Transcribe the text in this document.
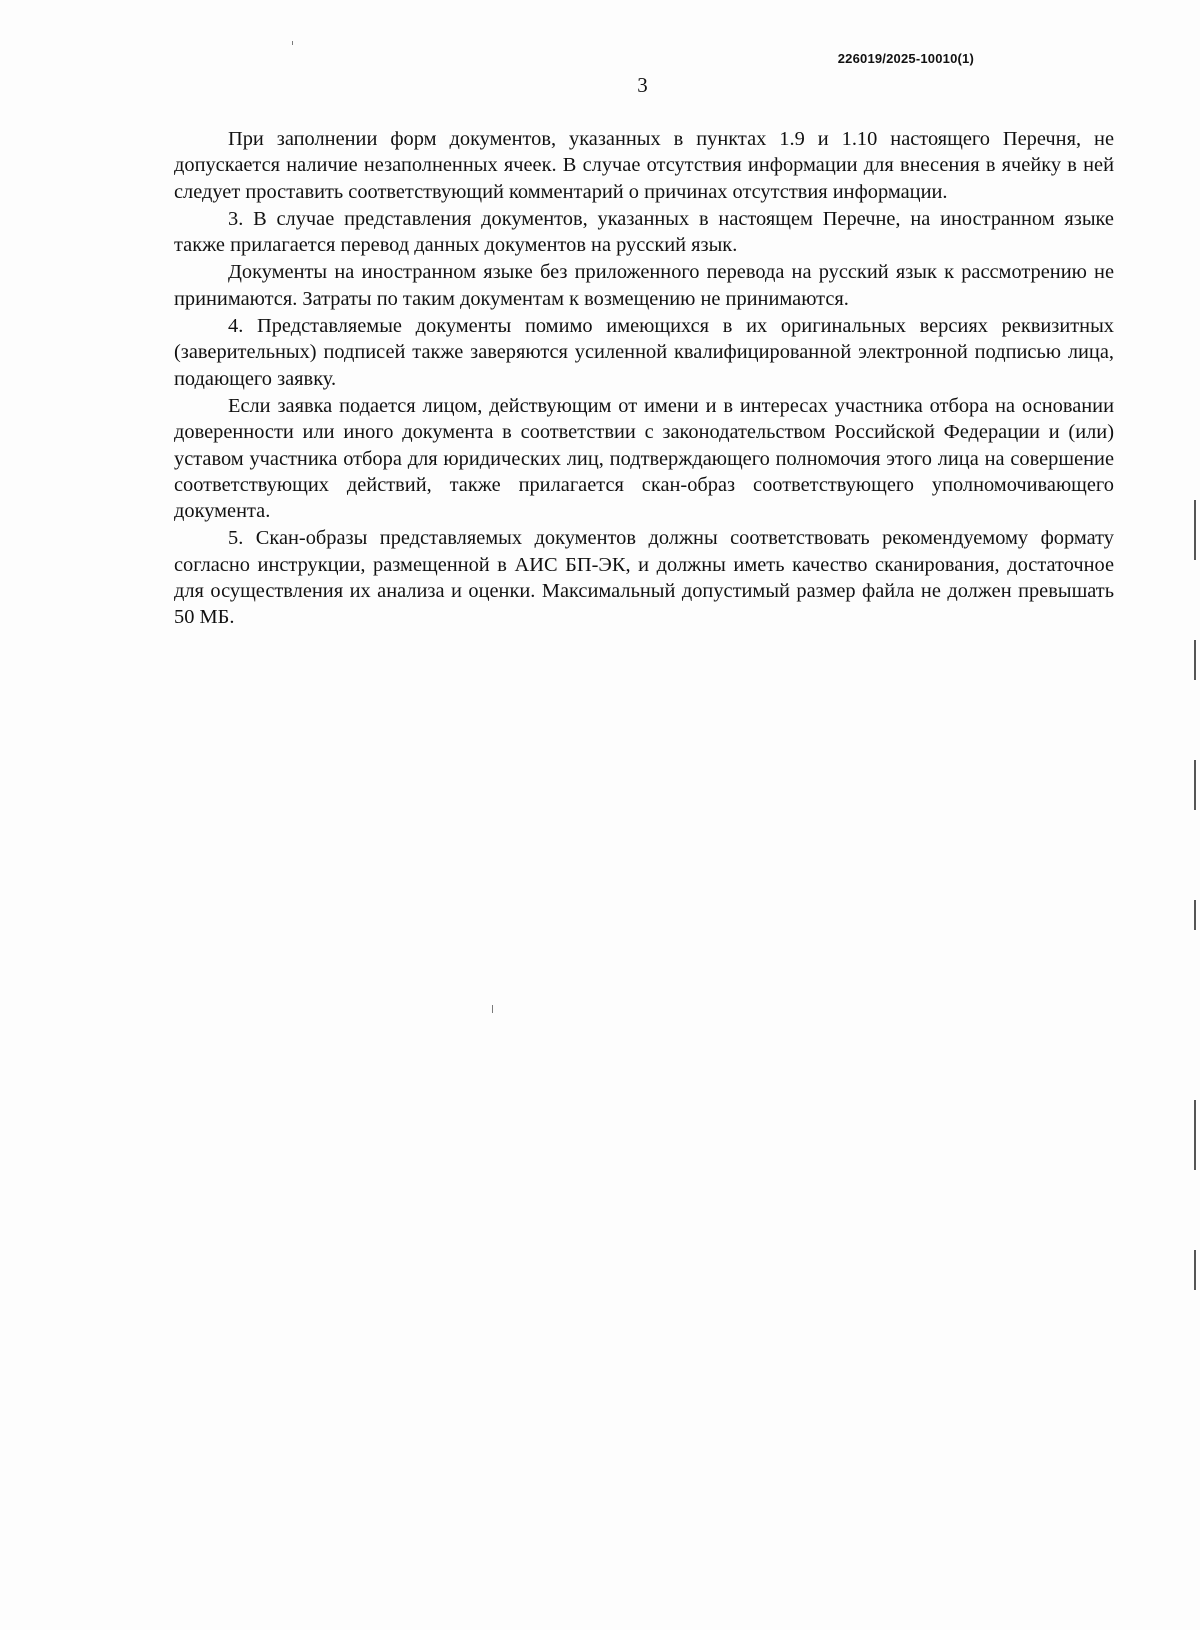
226019/2025-10010(1)
3

При заполнении форм документов, указанных в пунктах 1.9 и 1.10 настоящего Перечня, не допускается наличие незаполненных ячеек. В случае отсутствия информации для внесения в ячейку в ней следует проставить соответствующий комментарий о причинах отсутствия информации.

3. В случае представления документов, указанных в настоящем Перечне, на иностранном языке также прилагается перевод данных документов на русский язык.

Документы на иностранном языке без приложенного перевода на русский язык к рассмотрению не принимаются. Затраты по таким документам к возмещению не принимаются.

4. Представляемые документы помимо имеющихся в их оригинальных версиях реквизитных (заверительных) подписей также заверяются усиленной квалифицированной электронной подписью лица, подающего заявку.

Если заявка подается лицом, действующим от имени и в интересах участника отбора на основании доверенности или иного документа в соответствии с законодательством Российской Федерации и (или) уставом участника отбора для юридических лиц, подтверждающего полномочия этого лица на совершение соответствующих действий, также прилагается скан-образ соответствующего уполномочивающего документа.

5. Скан-образы представляемых документов должны соответствовать рекомендуемому формату согласно инструкции, размещенной в АИС БП-ЭК, и должны иметь качество сканирования, достаточное для осуществления их анализа и оценки. Максимальный допустимый размер файла не должен превышать 50 МБ.
